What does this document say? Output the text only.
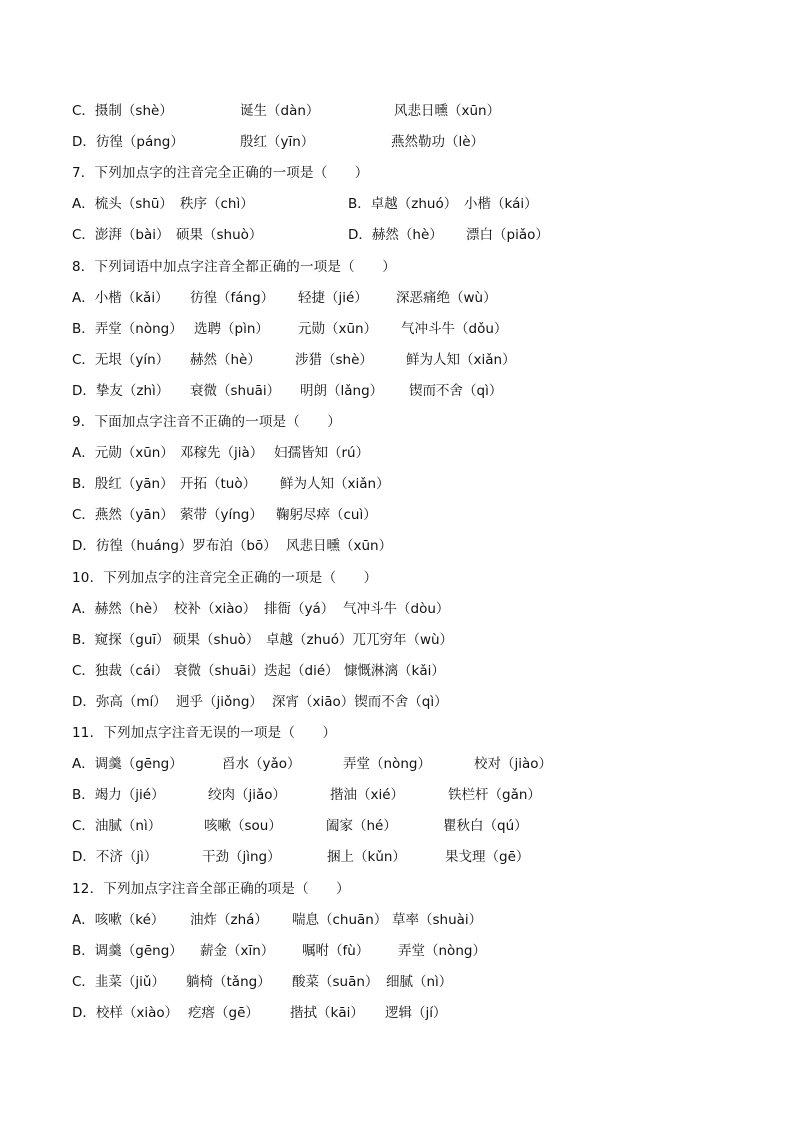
C．摄制（shè）	诞生（dàn）	风悲日曛（xūn）
D．彷徨（páng）	殷红（yīn）	燕然勒功（lè）
7．下列加点字的注音完全正确的一项是（　　）
A．梳头（shū） 秩序（chì）	B．卓越（zhuó） 小楷（kái）
C．澎湃（bài） 硕果（shuò）	D．赫然（hè） 漂白（piǎo）
8．下列词语中加点字注音全都正确的一项是（　　）
A．小楷（kǎi） 彷徨（fáng） 轻捷（jié） 深恶痛绝（wù）
B．弄堂（nòng） 选聘（pìn） 元勋（xūn） 气冲斗牛（dǒu）
C．无垠（yín） 赫然（hè）	涉猎（shè） 鲜为人知（xiǎn）
D．挚友（zhì） 衰微（shuāi） 明朗（lǎng） 锲而不舍（qì）
9．下面加点字注音不正确的一项是（　　）
A．元勋（xūn） 邓稼先（jià） 妇孺皆知（rú）
B．殷红（yān） 开拓（tuò） 鲜为人知（xiǎn）
C．燕然（yān） 萦带（yíng） 鞠躬尽瘁（cuì）
D．彷徨（huáng）罗布泊（bō） 风悲日曛（xūn）
10．下列加点字的注音完全正确的一项是（　　）
A．赫然（hè） 校补（xiào） 排衙（yá） 气冲斗牛（dòu）
B．窥探（guī） 硕果（shuò） 卓越（zhuó）兀兀穷年（wù）
C．独裁（cái） 衰微（shuāi） 迭起（dié） 慷慨淋漓（kǎi）
D．弥高（mí） 迥乎（jiǒng） 深宵（xiāo）锲而不舍（qì）
11．下列加点字注音无误的一项是（　　）
A．调羹（gēng）	舀水（yǎo）	弄堂（nòng）	校对（jiào）
B．竭力（jié）	绞肉（jiǎo）	揩油（xié）	铁栏杆（gǎn）
C．油腻（nì）	咳嗽（sou）	阖家（hé）	瞿秋白（qú）
D．不济（jì）	干劲（jìng）	捆上（kǔn）	果戈理（gē）
12．下列加点字注音全部正确的项是（　　）
A．咳嗽（ké） 油炸（zhá） 喘息（chuān） 草率（shuài）
B．调羹（gēng） 薪金（xīn） 嘱咐（fù） 弄堂（nòng）
C．韭菜（jiǔ） 躺椅（tǎng） 酸菜（suān） 细腻（nì）
D．校样（xiào） 疙瘩（gē） 揩拭（kāi） 逻辑（jí）
